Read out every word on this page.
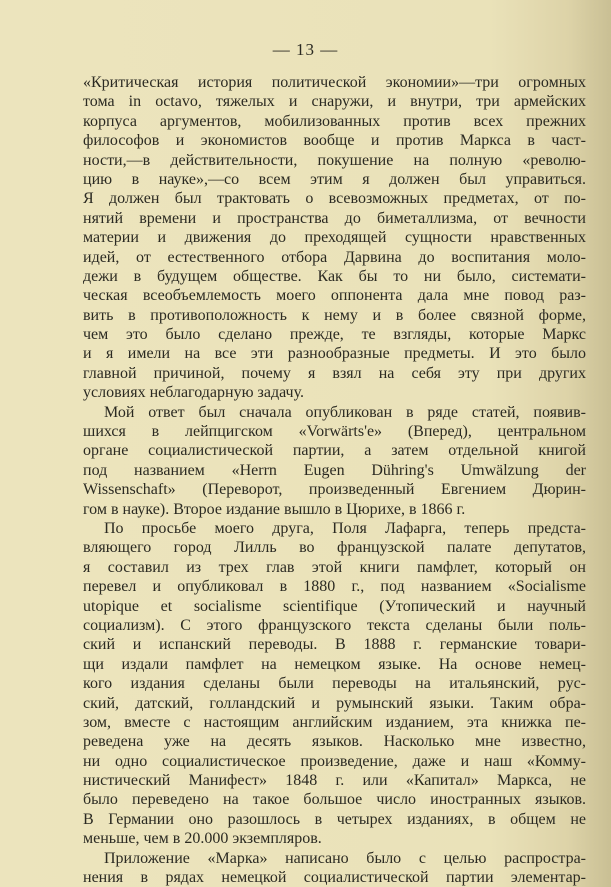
— 13 —
«Критическая история политической экономии»—три огромных
тома in octavo, тяжелых и снаружи, и внутри, три армейских
корпуса аргументов, мобилизованных против всех прежних
философов и экономистов вообще и против Маркса в част-
ности,—в действительности, покушение на полную «револю-
цию в науке»,—со всем этим я должен был управиться.
Я должен был трактовать о всевозможных предметах, от по-
нятий времени и пространства до биметаллизма, от вечности
материи и движения до преходящей сущности нравственных
идей, от естественного отбора Дарвина до воспитания моло-
дежи в будущем обществе. Как бы то ни было, системати-
ческая всеобъемлемость моего оппонента дала мне повод раз-
вить в противоположность к нему и в более связной форме,
чем это было сделано прежде, те взгляды, которые Маркс
и я имели на все эти разнообразные предметы. И это было
главной причиной, почему я взял на себя эту при других
условиях неблагодарную задачу.
Мой ответ был сначала опубликован в ряде статей, появив-
шихся в лейпцигском «Vorwärts'e» (Вперед), центральном
органе социалистической партии, а затем отдельной книгой
под названием «Herrn Eugen Dühring's Umwälzung der
Wissenschaft» (Переворот, произведенный Евгением Дюрин-
гом в науке). Второе издание вышло в Цюрихе, в 1866 г.
По просьбе моего друга, Поля Лафарга, теперь предста-
вляющего город Лилль во французской палате депутатов,
я составил из трех глав этой книги памфлет, который он
перевел и опубликовал в 1880 г., под названием «Socialisme
utopique et socialisme scientifique (Утопический и научный
социализм). С этого французского текста сделаны были поль-
ский и испанский переводы. В 1888 г. германские товари-
щи издали памфлет на немецком языке. На основе немец-
кого издания сделаны были переводы на итальянский, рус-
ский, датский, голландский и румынский языки. Таким обра-
зом, вместе с настоящим английским изданием, эта книжка пе-
реведена уже на десять языков. Насколько мне известно,
ни одно социалистическое произведение, даже и наш «Комму-
нистический Манифест» 1848 г. или «Капитал» Маркса, не
было переведено на такое большое число иностранных языков.
В Германии оно разошлось в четырех изданиях, в общем не
меньше, чем в 20.000 экземпляров.
Приложение «Марка» написано было с целью распростра-
нения в рядах немецкой социалистической партии элементар-
